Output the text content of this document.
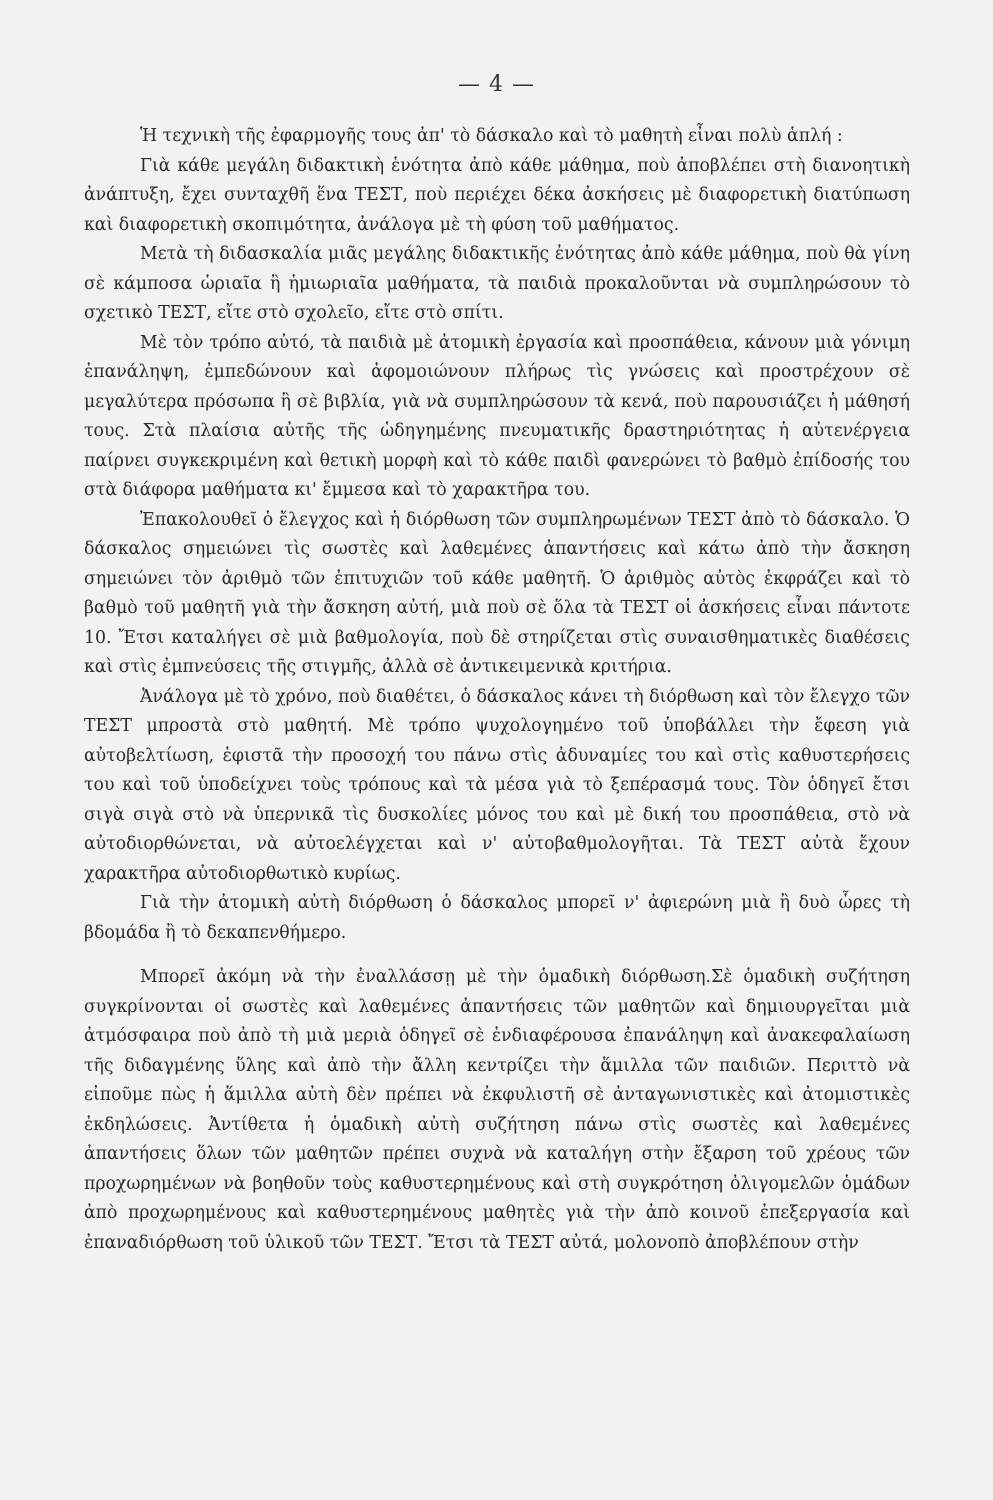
— 4 —

Ἡ τεχνικὴ τῆς ἐφαρμογῆς τους ἀπ' τὸ δάσκαλο καὶ τὸ μαθητὴ εἶναι πολὺ ἁπλή :

Γιὰ κάθε μεγάλη διδακτικὴ ἑνότητα ἀπὸ κάθε μάθημα, ποὺ ἀποβλέπει στὴ διανοητικὴ ἀνάπτυξη, ἔχει συνταχθῆ ἕνα ΤΕΣΤ, ποὺ περιέχει δέκα ἀσκήσεις μὲ διαφορετικὴ διατύπωση καὶ διαφορετικὴ σκοπιμότητα, ἀνάλογα μὲ τὴ φύση τοῦ μαθήματος.

Μετὰ τὴ διδασκαλία μιᾶς μεγάλης διδακτικῆς ἑνότητας ἀπὸ κάθε μάθημα, ποὺ θὰ γίνη σὲ κάμποσα ὡριαῖα ἢ ἡμιωριαῖα μαθήματα, τὰ παιδιὰ προκαλοῦνται νὰ συμπληρώσουν τὸ σχετικὸ ΤΕΣΤ, εἴτε στὸ σχολεῖο, εἴτε στὸ σπίτι.

Μὲ τὸν τρόπο αὐτό, τὰ παιδιὰ μὲ ἀτομικὴ ἐργασία καὶ προσπάθεια, κάνουν μιὰ γόνιμη ἐπανάληψη, ἐμπεδώνουν καὶ ἀφομοιώνουν πλήρως τὶς γνώσεις καὶ προστρέχουν σὲ μεγαλύτερα πρόσωπα ἢ σὲ βιβλία, γιὰ νὰ συμπληρώσουν τὰ κενά, ποὺ παρουσιάζει ἡ μάθησή τους. Στὰ πλαίσια αὐτῆς τῆς ὡδηγημένης πνευματικῆς δραστηριότητας ἡ αὐτενέργεια παίρνει συγκεκριμένη καὶ θετικὴ μορφὴ καὶ τὸ κάθε παιδὶ φανερώνει τὸ βαθμὸ ἐπίδοσής του στὰ διάφορα μαθήματα κι' ἔμμεσα καὶ τὸ χαρακτῆρα του.

Ἐπακολουθεῖ ὁ ἔλεγχος καὶ ἡ διόρθωση τῶν συμπληρωμένων ΤΕΣΤ ἀπὸ τὸ δάσκαλο. Ὁ δάσκαλος σημειώνει τὶς σωστὲς καὶ λαθεμένες ἀπαντήσεις καὶ κάτω ἀπὸ τὴν ἄσκηση σημειώνει τὸν ἀριθμὸ τῶν ἐπιτυχιῶν τοῦ κάθε μαθητῆ. Ὁ ἀριθμὸς αὐτὸς ἐκφράζει καὶ τὸ βαθμὸ τοῦ μαθητῆ γιὰ τὴν ἄσκηση αὐτή, μιὰ ποὺ σὲ ὅλα τὰ ΤΕΣΤ οἱ ἀσκήσεις εἶναι πάντοτε 10. Ἔτσι καταλήγει σὲ μιὰ βαθμολογία, ποὺ δὲ στηρίζεται στὶς συναισθηματικὲς διαθέσεις καὶ στὶς ἐμπνεύσεις τῆς στιγμῆς, ἀλλὰ σὲ ἀντικειμενικὰ κριτήρια.

Ἀνάλογα μὲ τὸ χρόνο, ποὺ διαθέτει, ὁ δάσκαλος κάνει τὴ διόρθωση καὶ τὸν ἔλεγχο τῶν ΤΕΣΤ μπροστὰ στὸ μαθητή. Μὲ τρόπο ψυχολογημένο τοῦ ὑποβάλλει τὴν ἔφεση γιὰ αὐτοβελτίωση, ἐφιστᾶ τὴν προσοχή του πάνω στὶς ἀδυναμίες του καὶ στὶς καθυστερήσεις του καὶ τοῦ ὑποδείχνει τοὺς τρόπους καὶ τὰ μέσα γιὰ τὸ ξεπέρασμά τους. Τὸν ὁδηγεῖ ἔτσι σιγὰ σιγὰ στὸ νὰ ὑπερνικᾶ τὶς δυσκολίες μόνος του καὶ μὲ δική του προσπάθεια, στὸ νὰ αὐτοδιορθώνεται, νὰ αὐτοελέγχεται καὶ ν' αὐτοβαθμολογῆται. Τὰ ΤΕΣΤ αὐτὰ ἔχουν χαρακτῆρα αὐτοδιορθωτικὸ κυρίως.

Γιὰ τὴν ἀτομικὴ αὐτὴ διόρθωση ὁ δάσκαλος μπορεῖ ν' ἀφιερώνη μιὰ ἢ δυὸ ὧρες τὴ βδομάδα ἢ τὸ δεκαπενθήμερο.

Μπορεῖ ἀκόμη νὰ τὴν ἐναλλάσσῃ μὲ τὴν ὁμαδικὴ διόρθωση.Σὲ ὁμαδικὴ συζήτηση συγκρίνονται οἱ σωστὲς καὶ λαθεμένες ἀπαντήσεις τῶν μαθητῶν καὶ δημιουργεῖται μιὰ ἀτμόσφαιρα ποὺ ἀπὸ τὴ μιὰ μεριὰ ὁδηγεῖ σὲ ἐνδιαφέρουσα ἐπανάληψη καὶ ἀνακεφαλαίωση τῆς διδαγμένης ὕλης καὶ ἀπὸ τὴν ἄλλη κεντρίζει τὴν ἅμιλλα τῶν παιδιῶν. Περιττὸ νὰ εἰποῦμε πὼς ἡ ἅμιλλα αὐτὴ δὲν πρέπει νὰ ἐκφυλιστῆ σὲ ἀνταγωνιστικὲς καὶ ἀτομιστικὲς ἐκδηλώσεις. Ἀντίθετα ἡ ὁμαδικὴ αὐτὴ συζήτηση πάνω στὶς σωστὲς καὶ λαθεμένες ἀπαντήσεις ὅλων τῶν μαθητῶν πρέπει συχνὰ νὰ καταλήγη στὴν ἔξαρση τοῦ χρέους τῶν προχωρημένων νὰ βοηθοῦν τοὺς καθυστερημένους καὶ στὴ συγκρότηση ὀλιγομελῶν ὁμάδων ἀπὸ προχωρημένους καὶ καθυστερημένους μαθητὲς γιὰ τὴν ἀπὸ κοινοῦ ἐπεξεργασία καὶ ἐπαναδιόρθωση τοῦ ὑλικοῦ τῶν ΤΕΣΤ. Ἔτσι τὰ ΤΕΣΤ αὐτά, μολονοπὸ ἀποβλέπουν στὴν
